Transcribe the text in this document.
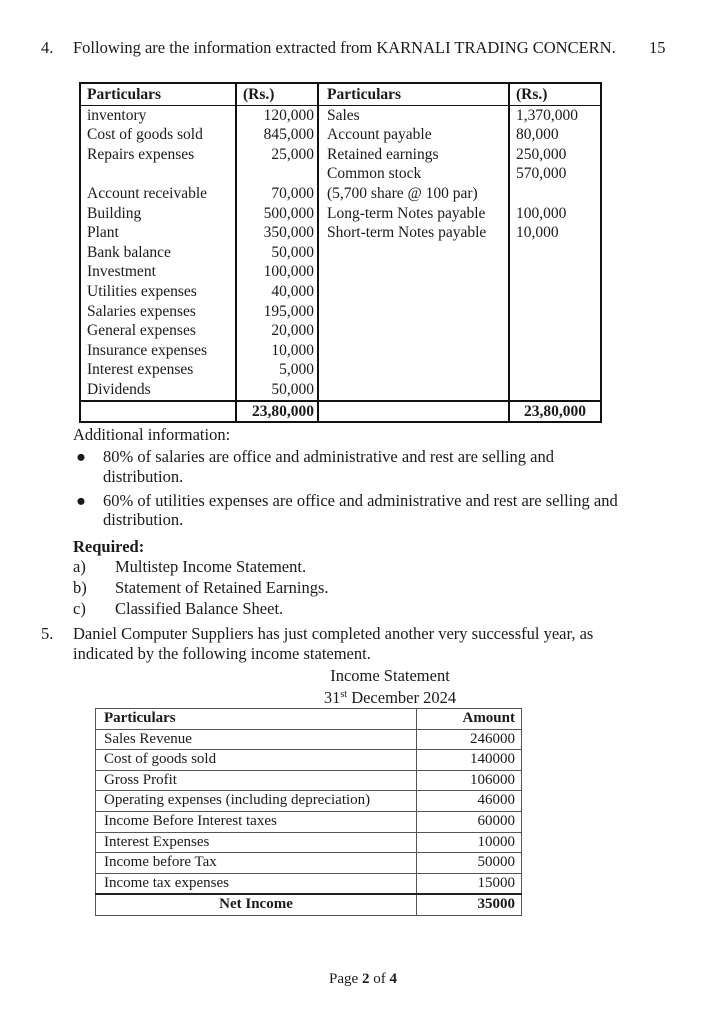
4. Following are the information extracted from KARNALI TRADING CONCERN.	15
Particulars	(Rs.)	Particulars	(Rs.)
inventory	120,000	Sales	1,370,000
Cost of goods sold	845,000	Account payable	80,000
Repairs expenses	25,000	Retained earnings	250,000
		Common stock	570,000
Account receivable	70,000	(5,700 share @ 100 par)	
Building	500,000	Long-term Notes payable	100,000
Plant	350,000	Short-term Notes payable	10,000
Bank balance	50,000		
Investment	100,000		
Utilities expenses	40,000		
Salaries expenses	195,000		
General expenses	20,000		
Insurance expenses	10,000		
Interest expenses	5,000		
Dividends	50,000		
	23,80,000		23,80,000
Additional information:
● 80% of salaries are office and administrative and rest are selling and distribution.
● 60% of utilities expenses are office and administrative and rest are selling and distribution.
Required:
a) Multistep Income Statement.
b) Statement of Retained Earnings.
c) Classified Balance Sheet.
5. Daniel Computer Suppliers has just completed another very successful year, as indicated by the following income statement.
Income Statement
31st December 2024
Particulars	Amount
Sales Revenue	246000
Cost of goods sold	140000
Gross Profit	106000
Operating expenses (including depreciation)	46000
Income Before Interest taxes	60000
Interest Expenses	10000
Income before Tax	50000
Income tax expenses	15000
Net Income	35000
Page 2 of 4
